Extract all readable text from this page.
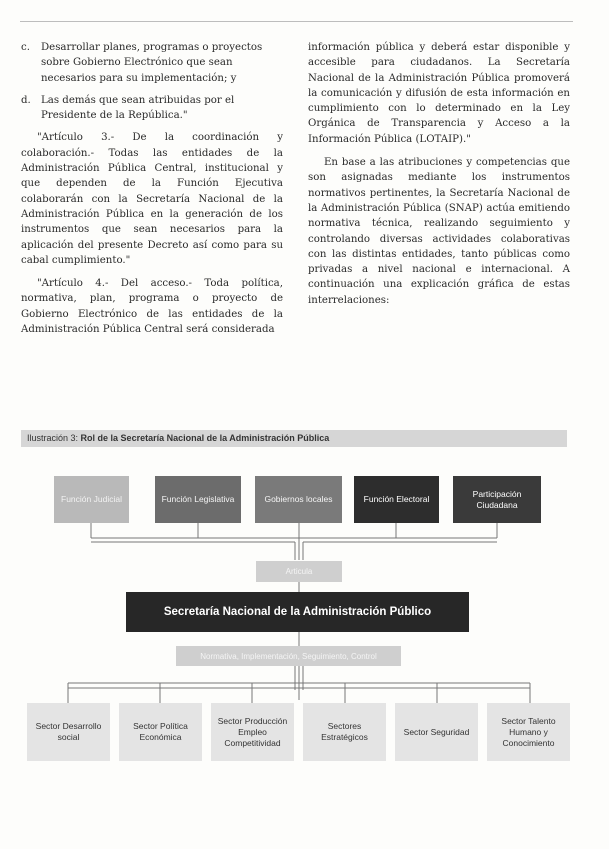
c.	Desarrollar planes, programas o proyectos sobre Gobierno Electrónico que sean necesarios para su implementación; y
d.	Las demás que sean atribuidas por el Presidente de la República."

"Artículo 3.- De la coordinación y colaboración.- Todas las entidades de la Administración Pública Central, institucional y que dependen de la Función Ejecutiva colaborarán con la Secretaría Nacional de la Administración Pública en la generación de los instrumentos que sean necesarios para la aplicación del presente Decreto así como para su cabal cumplimiento."

"Artículo 4.- Del acceso.- Toda política, normativa, plan, programa o proyecto de Gobierno Electrónico de las entidades de la Administración Pública Central será considerada

información pública y deberá estar disponible y accesible para ciudadanos. La Secretaría Nacional de la Administración Pública promoverá la comunicación y difusión de esta información en cumplimiento con lo determinado en la Ley Orgánica de Transparencia y Acceso a la Información Pública (LOTAIP)."

En base a las atribuciones y competencias que son asignadas mediante los instrumentos normativos pertinentes, la Secretaría Nacional de la Administración Pública (SNAP) actúa emitiendo normativa técnica, realizando seguimiento y controlando diversas actividades colaborativas con las distintas entidades, tanto públicas como privadas a nivel nacional e internacional. A continuación una explicación gráfica de estas interrelaciones:

Ilustración 3: Rol de la Secretaría Nacional de la Administración Pública
Función Judicial	Función Legislativa	Gobiernos locales	Función Electoral
Participación Ciudadana
Articula
Secretaría Nacional de la Administración Público
Normativa, Implementación, Seguimiento, Control
Sector Desarrollo social
Sector Política Económica
Sector Producción Empleo Competitividad
Sectores Estratégicos
Sector Seguridad
Sector Talento Humano y Conocimiento
